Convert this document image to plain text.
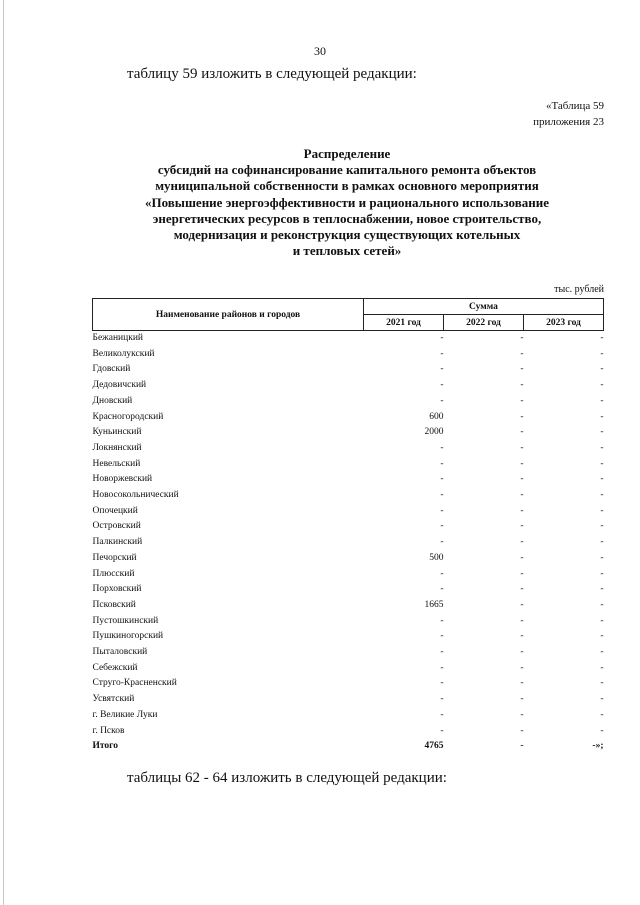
30
таблицу 59 изложить в следующей редакции:
«Таблица 59
приложения 23
Распределение
субсидий на софинансирование капитального ремонта объектов
муниципальной собственности в рамках основного мероприятия
«Повышение энергоэффективности и рационального использование
энергетических ресурсов в теплоснабжении, новое строительство,
модернизация и реконструкция существующих котельных
и тепловых сетей»
тыс. рублей
Наименование районов и городов	Сумма		
	2021 год	2022 год	2023 год
Бежаницкий	-	-	-
Великолукский	-	-	-
Гдовский	-	-	-
Дедовичский	-	-	-
Дновский	-	-	-
Красногородский	600	-	-
Куньинский	2000	-	-
Локнянский	-	-	-
Невельский	-	-	-
Новоржевский	-	-	-
Новосокольнический	-	-	-
Опочецкий	-	-	-
Островский	-	-	-
Палкинский	-	-	-
Печорский	500	-	-
Плюсский	-	-	-
Порховский	-	-	-
Псковский	1665	-	-
Пустошкинский	-	-	-
Пушкиногорский	-	-	-
Пыталовский	-	-	-
Себежский	-	-	-
Струго-Красненский	-	-	-
Усвятский	-	-	-
г. Великие Луки	-	-	-
г. Псков	-	-	-
Итого	4765	-	-»;
таблицы 62 - 64 изложить в следующей редакции:
